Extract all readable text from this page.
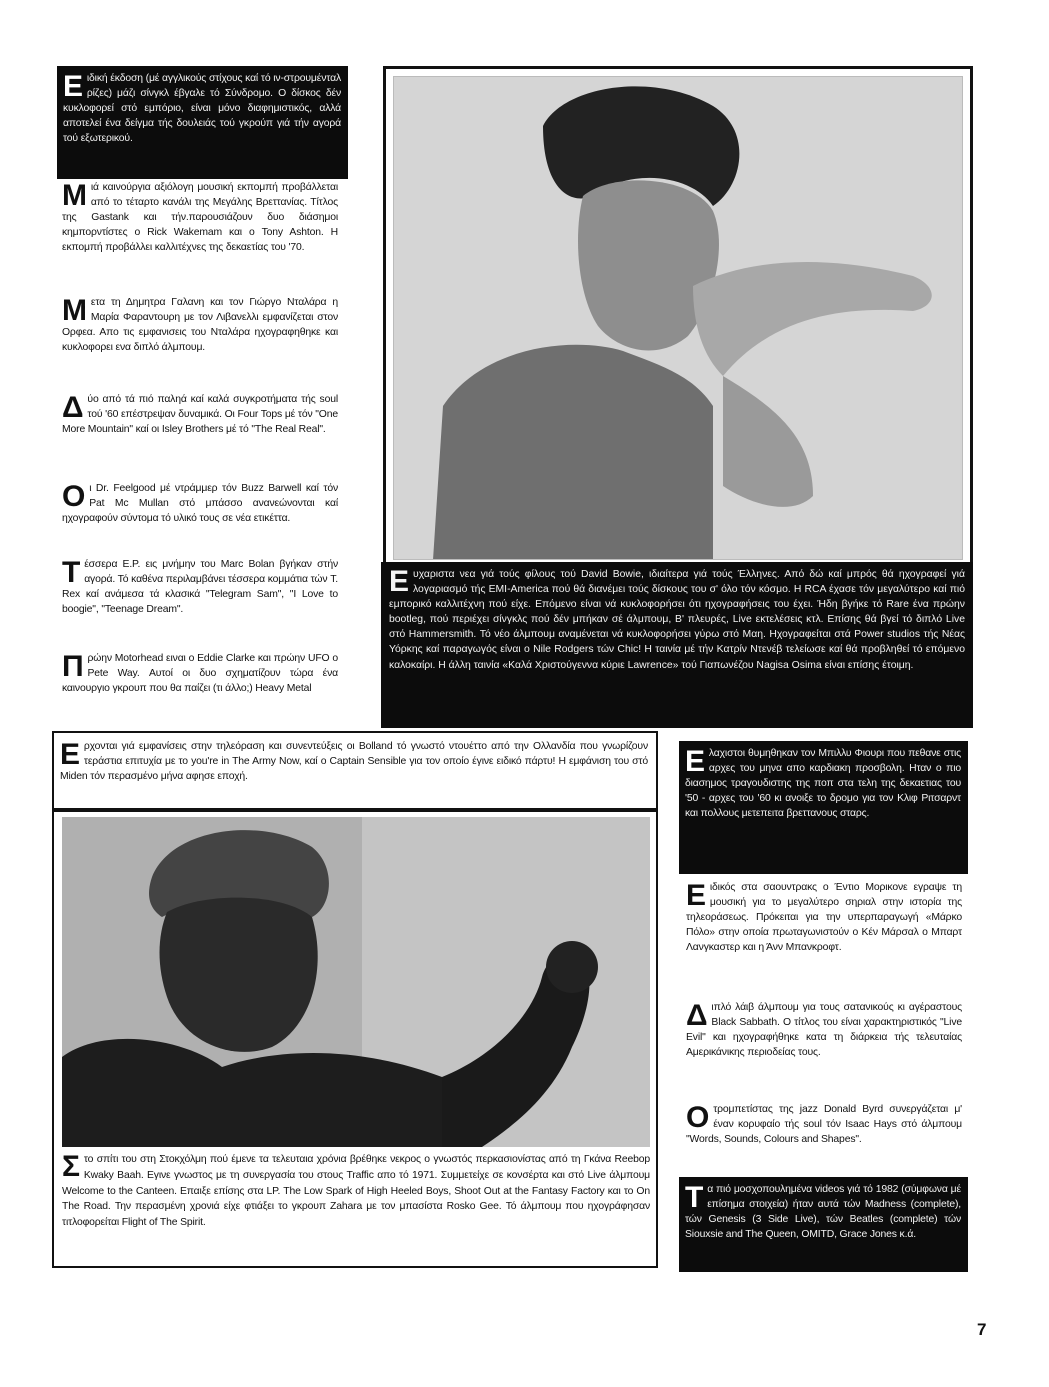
Ε ιδική έκδοση (μέ αγγλικούς στίχους καί τό ιν-στρουμένταλ ρίζες) μάζι σίνγκλ έβγαλε τό Σύνδρομο. Ο δίσκος δέν κυκλοφορεί στό εμπόριο, είναι μόνο διαφημιστικός, αλλά αποτελεί ένα δείγμα τής δουλειάς τού γκρούπ γιά τήν αγορά τού εξωτερικού.
Μ ιά καινούργια αξιόλογη μουσική εκπομπή προβάλλεται από το τέταρτο κανάλι της Μεγάλης Βρεττανίας. Τίτλος της Gastank και τήν.παρουσιάζουν δυο διάσημοι κημπορντίστες ο Rick Wakemam και ο Tony Ashton. Η εκπομπή προβάλλει καλλιτέχνες της δεκαετίας του '70.
Μ ετα τη Δημητρα Γαλανη και τον Γιώργο Νταλάρα η Μαρία Φαραντουρη με τον Λιβανελλι εμφανίζεται στον Ορφεα. Απο τις εμφανισεις του Νταλάρα ηχογραφηθηκε και κυκλοφορει ενα διπλό άλμπουμ.
Δ ύο από τά πιό παληά καί καλά συγκροτήματα τής soul τού '60 επέστρεψαν δυναμικά. Οι Four Tops μέ τόν "One More Mountain" καί οι Isley Brothers μέ τό "The Real Real".
Ο ι Dr. Feelgood μέ ντράμμερ τόν Buzz Barwell καί τόν Pat Mc Mullan στό μπάσσο ανανεώνονται καί ηχογραφούν σύντομα τό υλικό τους σε νέα ετικέττα.
Τ έσσερα E.P. εις μνήμην του Marc Bolan βγήκαν στήν αγορά. Τό καθένα περιλαμβάνει τέσσερα κομμάτια τών T. Rex καί ανάμεσα τά κλασικά "Telegram Sam", "I Love to boogie", "Teenage Dream".
Π ρώην Motorhead ειναι ο Eddie Clarke και πρώην UFO ο Pete Way. Αυτοί οι δυο σχηματίζουν τώρα ένα καινουργιο γκρουπ που θα παίζει (τι άλλο;) Heavy Metal
Ε υχαριστα νεα γιά τούς φίλους τού David Bowie, ιδιαίτερα γιά τούς Έλληνες. Από δώ καί μπρός θά ηχογραφεί γιά λογαριασμό τής EMI-America πού θά διανέμει τούς δίσκους του σ' όλο τόν κόσμο. Η RCA έχασε τόν μεγαλύτερο καί πιό εμπορικό καλλιτέχνη πού είχε. Επόμενο είναι νά κυκλοφορήσει ότι ηχογραφήσεις του έχει. Ήδη βγήκε τό Rare ένα πρώην bootleg, πού περιέχει σίνγκλς πού δέν μπήκαν σέ άλμπουμ, Β' πλευρές, Live εκτελέσεις κτλ. Επίσης θά βγεί τό διπλό Live στό Hammersmith. Τό νέο άλμπουμ αναμένεται νά κυκλοφορήσει γύρω στό Μαη. Ηχογραφείται στά Power studios τής Νέας Υόρκης καί παραγωγός είναι ο Nile Rodgers τών Chic! Η ταινία μέ τήν Κατρίν Ντενέβ τελείωσε καί θά προβληθεί τό επόμενο καλοκαίρι. Η άλλη ταινία «Καλά Χριστούγεννα κύριε Lawrence» τού Γιαπωνέζου Nagisa Osima είναι επίσης έτοιμη.
Ε ρχονται γιά εμφανίσεις στην τηλεόραση και συνεντεύξεις οι Bolland τό γνωστό ντουέττο από την Ολλανδία που γνωρίζουν τεράστια επιτυχία με το you're in The Army Now, καί ο Captain Sensible για τον οποίο έγινε ειδικό πάρτυ! Η εμφάνιση του στό Miden τόν περασμένο μήνα αφησε εποχή.
Σ το σπίτι του στη Στοκχόλμη πού έμενε τα τελευταια χρόνια βρέθηκε νεκρος ο γνωστός περκασιονίστας από τη Γκάνα Reebop Kwaky Baah. Εγινε γνωστος με τη συνεργασία του στους Traffic απο τό 1971. Συμμετείχε σε κονσέρτα και στό Live άλμπουμ Welcome to the Canteen. Επαιξε επίσης στα LP. The Low Spark of High Heeled Boys, Shoot Out at the Fantasy Factory και το On The Road. Την περασμένη χρονιά είχε φτιάξει το γκρουπ Zahara με τον μπασίστα Rosko Gee. Τό άλμπουμ που ηχογράφησαν τιτλοφορείται Flight of The Spirit.
Ε λαχιστοι θυμηθηκαν τον Μπιλλυ Φιουρι που πεθανε στις αρχες του μηνα απο καρδιακη προσβολη. Ηταν ο πιο διασημος τραγουδιστης της ποπ στα τελη της δεκαετιας του '50 - αρχες του '60 κι ανοιξε το δρομο για τον Κλιφ Ριτσαρντ και πολλους μετεπειτα βρεττανους σταρς.
Ε ιδικός στα σαουντρακς ο Έντιο Μορικονε εγραψε τη μουσική για το μεγαλύτερο σηριαλ στην ιστορία της τηλεοράσεως. Πρόκειται για την υπερπαραγωγή «Μάρκο Πόλο» στην οποία πρωταγωνιστούν ο Κέν Μάρσαλ ο Μπαρτ Λανγκαστερ και η Άνν Μπανκροφτ.
Δ ιπλό λάιβ άλμπουμ για τους σατανικούς κι αγέραστους Black Sabbath. Ο τίτλος του είναι χαρακτηριστικός "Live Evil" και ηχογραφήθηκε κατα τη διάρκεια τής τελευταίας Αμερικάνικης περιοδείας τους.
Ο τρομπετίστας της jazz Donald Byrd συνεργάζεται μ' έναν κορυφαίο τής soul τόν Isaac Hays στό άλμπουμ "Words, Sounds, Colours and Shapes".
Τ α πιό μοσχοπουλημένα videos γιά τό 1982 (σύμφωνα μέ επίσημα στοιχεία) ήταν αυτά τών Madness (complete), τών Genesis (3 Side Live), τών Beatles (complete) τών Siouxsie and The Queen, OMITD, Grace Jones κ.ά.
7
